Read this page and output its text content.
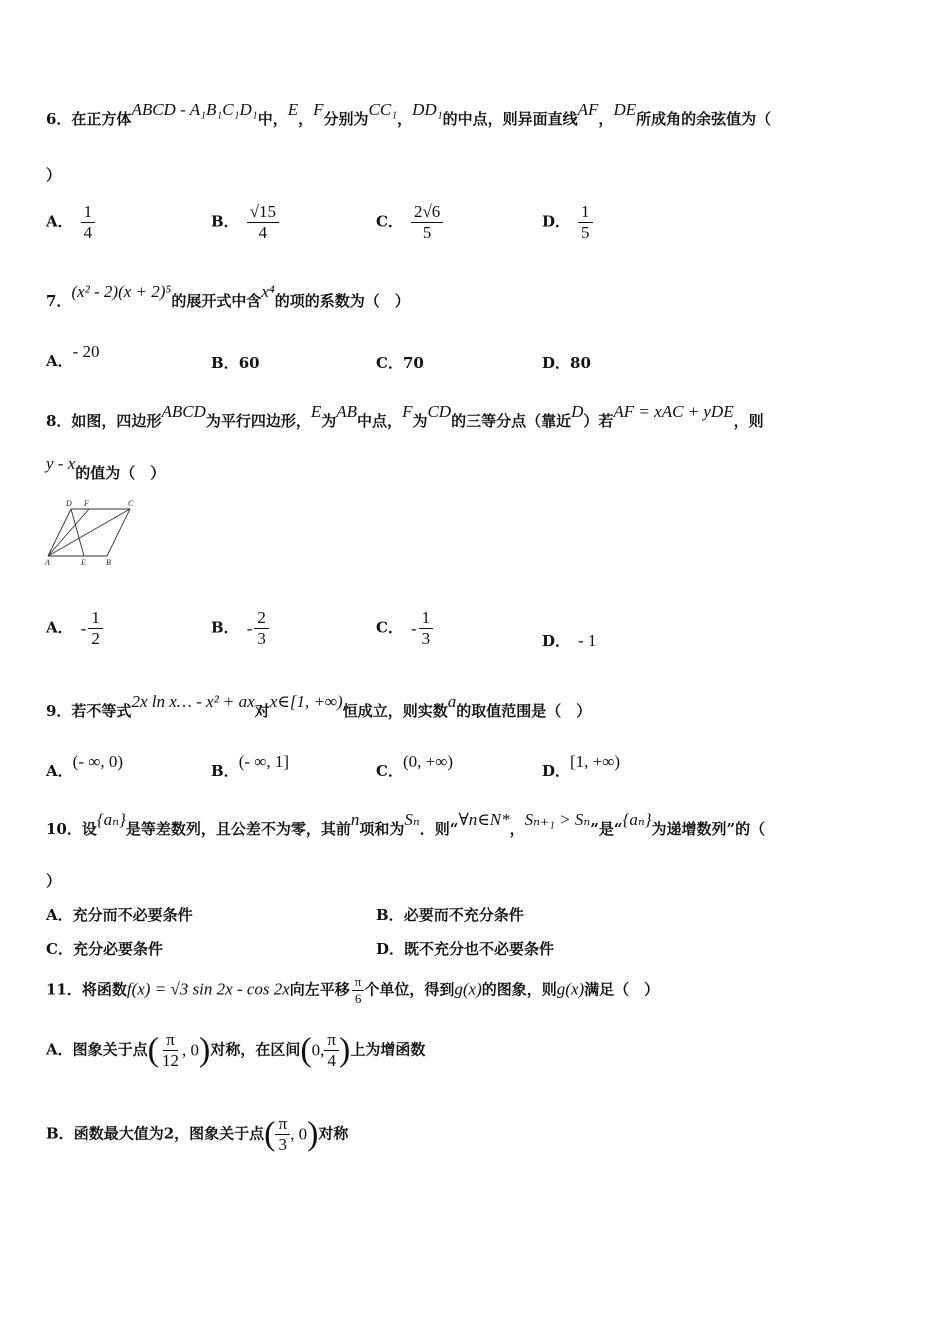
6．在正方体ABCD - A₁B₁C₁D₁中，E，F分别为CC₁，DD₁的中点，则异面直线AF，DE所成角的余弦值为（
）
A． $\frac{1}{4}$	B． $\frac{√15}{4}$	C． $\frac{2√6}{5}$	D． $\frac{1}{5}$
7．(x² - 2)(x + 2)⁵的展开式中含x⁴的项的系数为（　）
A．- 20
B．60	C．70	D．80
8．如图，四边形ABCD为平行四边形，E为AB中点，F为CD的三等分点（靠近D）若AF = xAC + yDE，则
y - x的值为（　）
D F	C
A	E	B
A． - $\frac{1}{2}$	B． - $\frac{2}{3}$	C． - $\frac{1}{3}$	D． - 1
9．若不等式2x ln x… - x² + ax对x∈[1, +∞)恒成立，则实数a的取值范围是（　）
A．(- ∞, 0)	B．(- ∞, 1]	C．(0, +∞)	D．[1, +∞)
10．设{aₙ}是等差数列，且公差不为零，其前n项和为Sₙ．则“∀n∈N*，Sₙ₊₁ > Sₙ”是“{aₙ}为递增数列”的（
）
A．充分而不必要条件	B．必要而不充分条件
C．充分必要条件	D．既不充分也不必要条件
11．将函数f(x) = √3 sin 2x - cos 2x向左平移 $\frac{\pi}{6}$ 个单位，得到g(x)的图象，则g(x)满足（　）
A．图象关于点( $\frac{\pi}{12}$ , 0)对称，在区间(0, $\frac{\pi}{4}$ )上为增函数
B．函数最大值为2，图象关于点( $\frac{\pi}{3}$ , 0)对称
